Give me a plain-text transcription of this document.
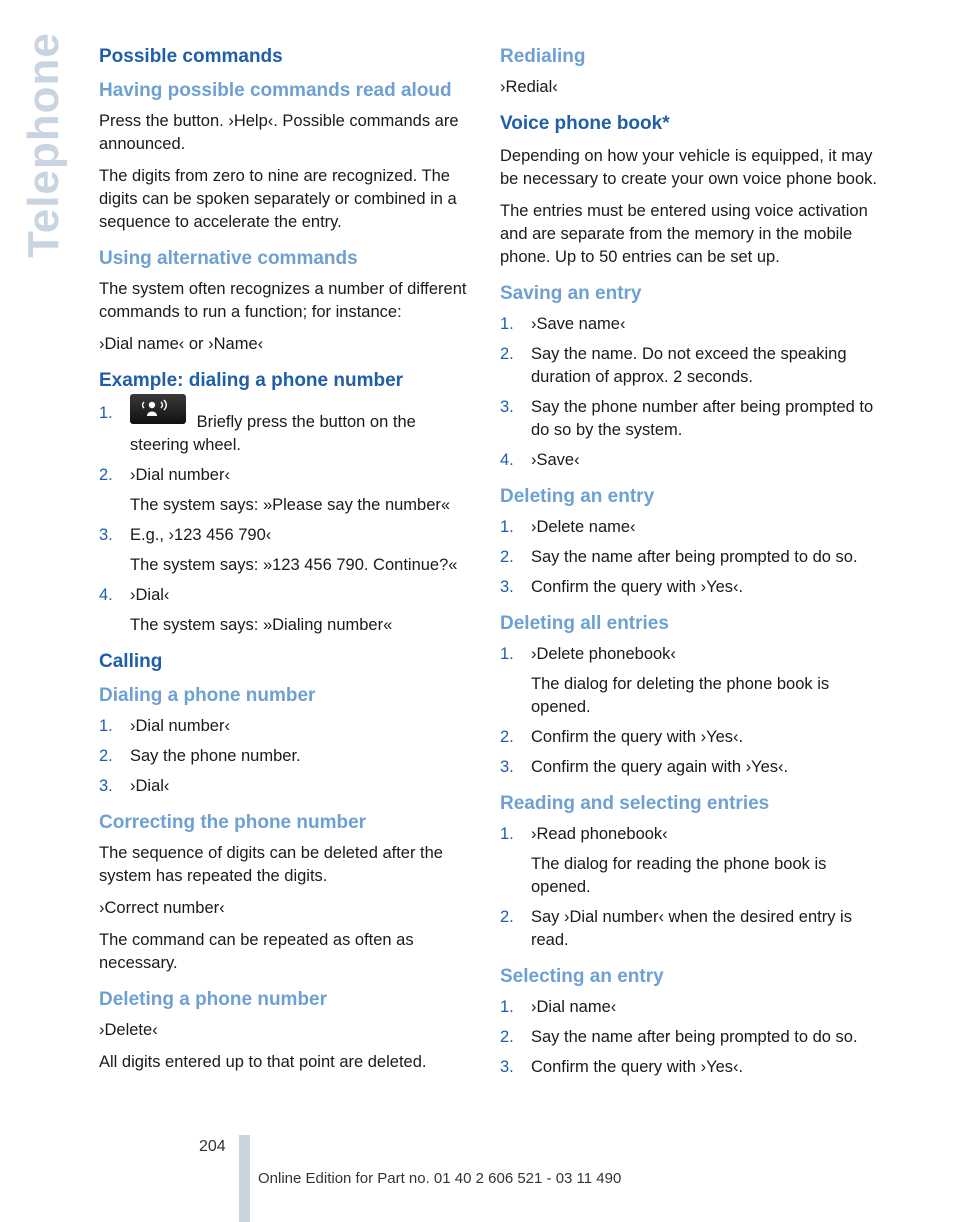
Telephone Possible commands
Having possible commands read aloud

Press the button. ›Help‹. Possible commands are announced.

The digits from zero to nine are recognized. The digits can be spoken separately or combined in a sequence to accelerate the entry.

Using alternative commands

The system often recognizes a number of different commands to run a function; for instance:

›Dial name‹ or ›Name‹

Example: dialing a phone number
1.	Briefly press the button on the steering wheel.
2. ›Dial number‹
The system says: »Please say the number«
3. E.g., ›123 456 790‹
The system says: »123 456 790. Continue?«
4. ›Dial‹
The system says: »Dialing number«
Calling
Dialing a phone number
1. ›Dial number‹
2. Say the phone number.
3. ›Dial‹
Correcting the phone number

The sequence of digits can be deleted after the system has repeated the digits.

›Correct number‹

The command can be repeated as often as necessary.

Deleting a phone number

›Delete‹

All digits entered up to that point are deleted.

Redialing

›Redial‹

Voice phone book*

Depending on how your vehicle is equipped, it may be necessary to create your own voice phone book.

The entries must be entered using voice activation and are separate from the memory in the mobile phone. Up to 50 entries can be set up.

Saving an entry
1. ›Save name‹
2. Say the name. Do not exceed the speaking duration of approx. 2 seconds.
3. Say the phone number after being prompted to do so by the system.
4. ›Save‹
Deleting an entry
1. ›Delete name‹
2. Say the name after being prompted to do so.
3. Confirm the query with ›Yes‹.
Deleting all entries
1. ›Delete phonebook‹
The dialog for deleting the phone book is opened.
2. Confirm the query with ›Yes‹.
3. Confirm the query again with ›Yes‹.
Reading and selecting entries
1. ›Read phonebook‹
The dialog for reading the phone book is opened.
2. Say ›Dial number‹ when the desired entry is read.
Selecting an entry
1. ›Dial name‹
2. Say the name after being prompted to do so.
3. Confirm the query with ›Yes‹.
204
Online Edition for Part no. 01 40 2 606 521 - 03 11 490
